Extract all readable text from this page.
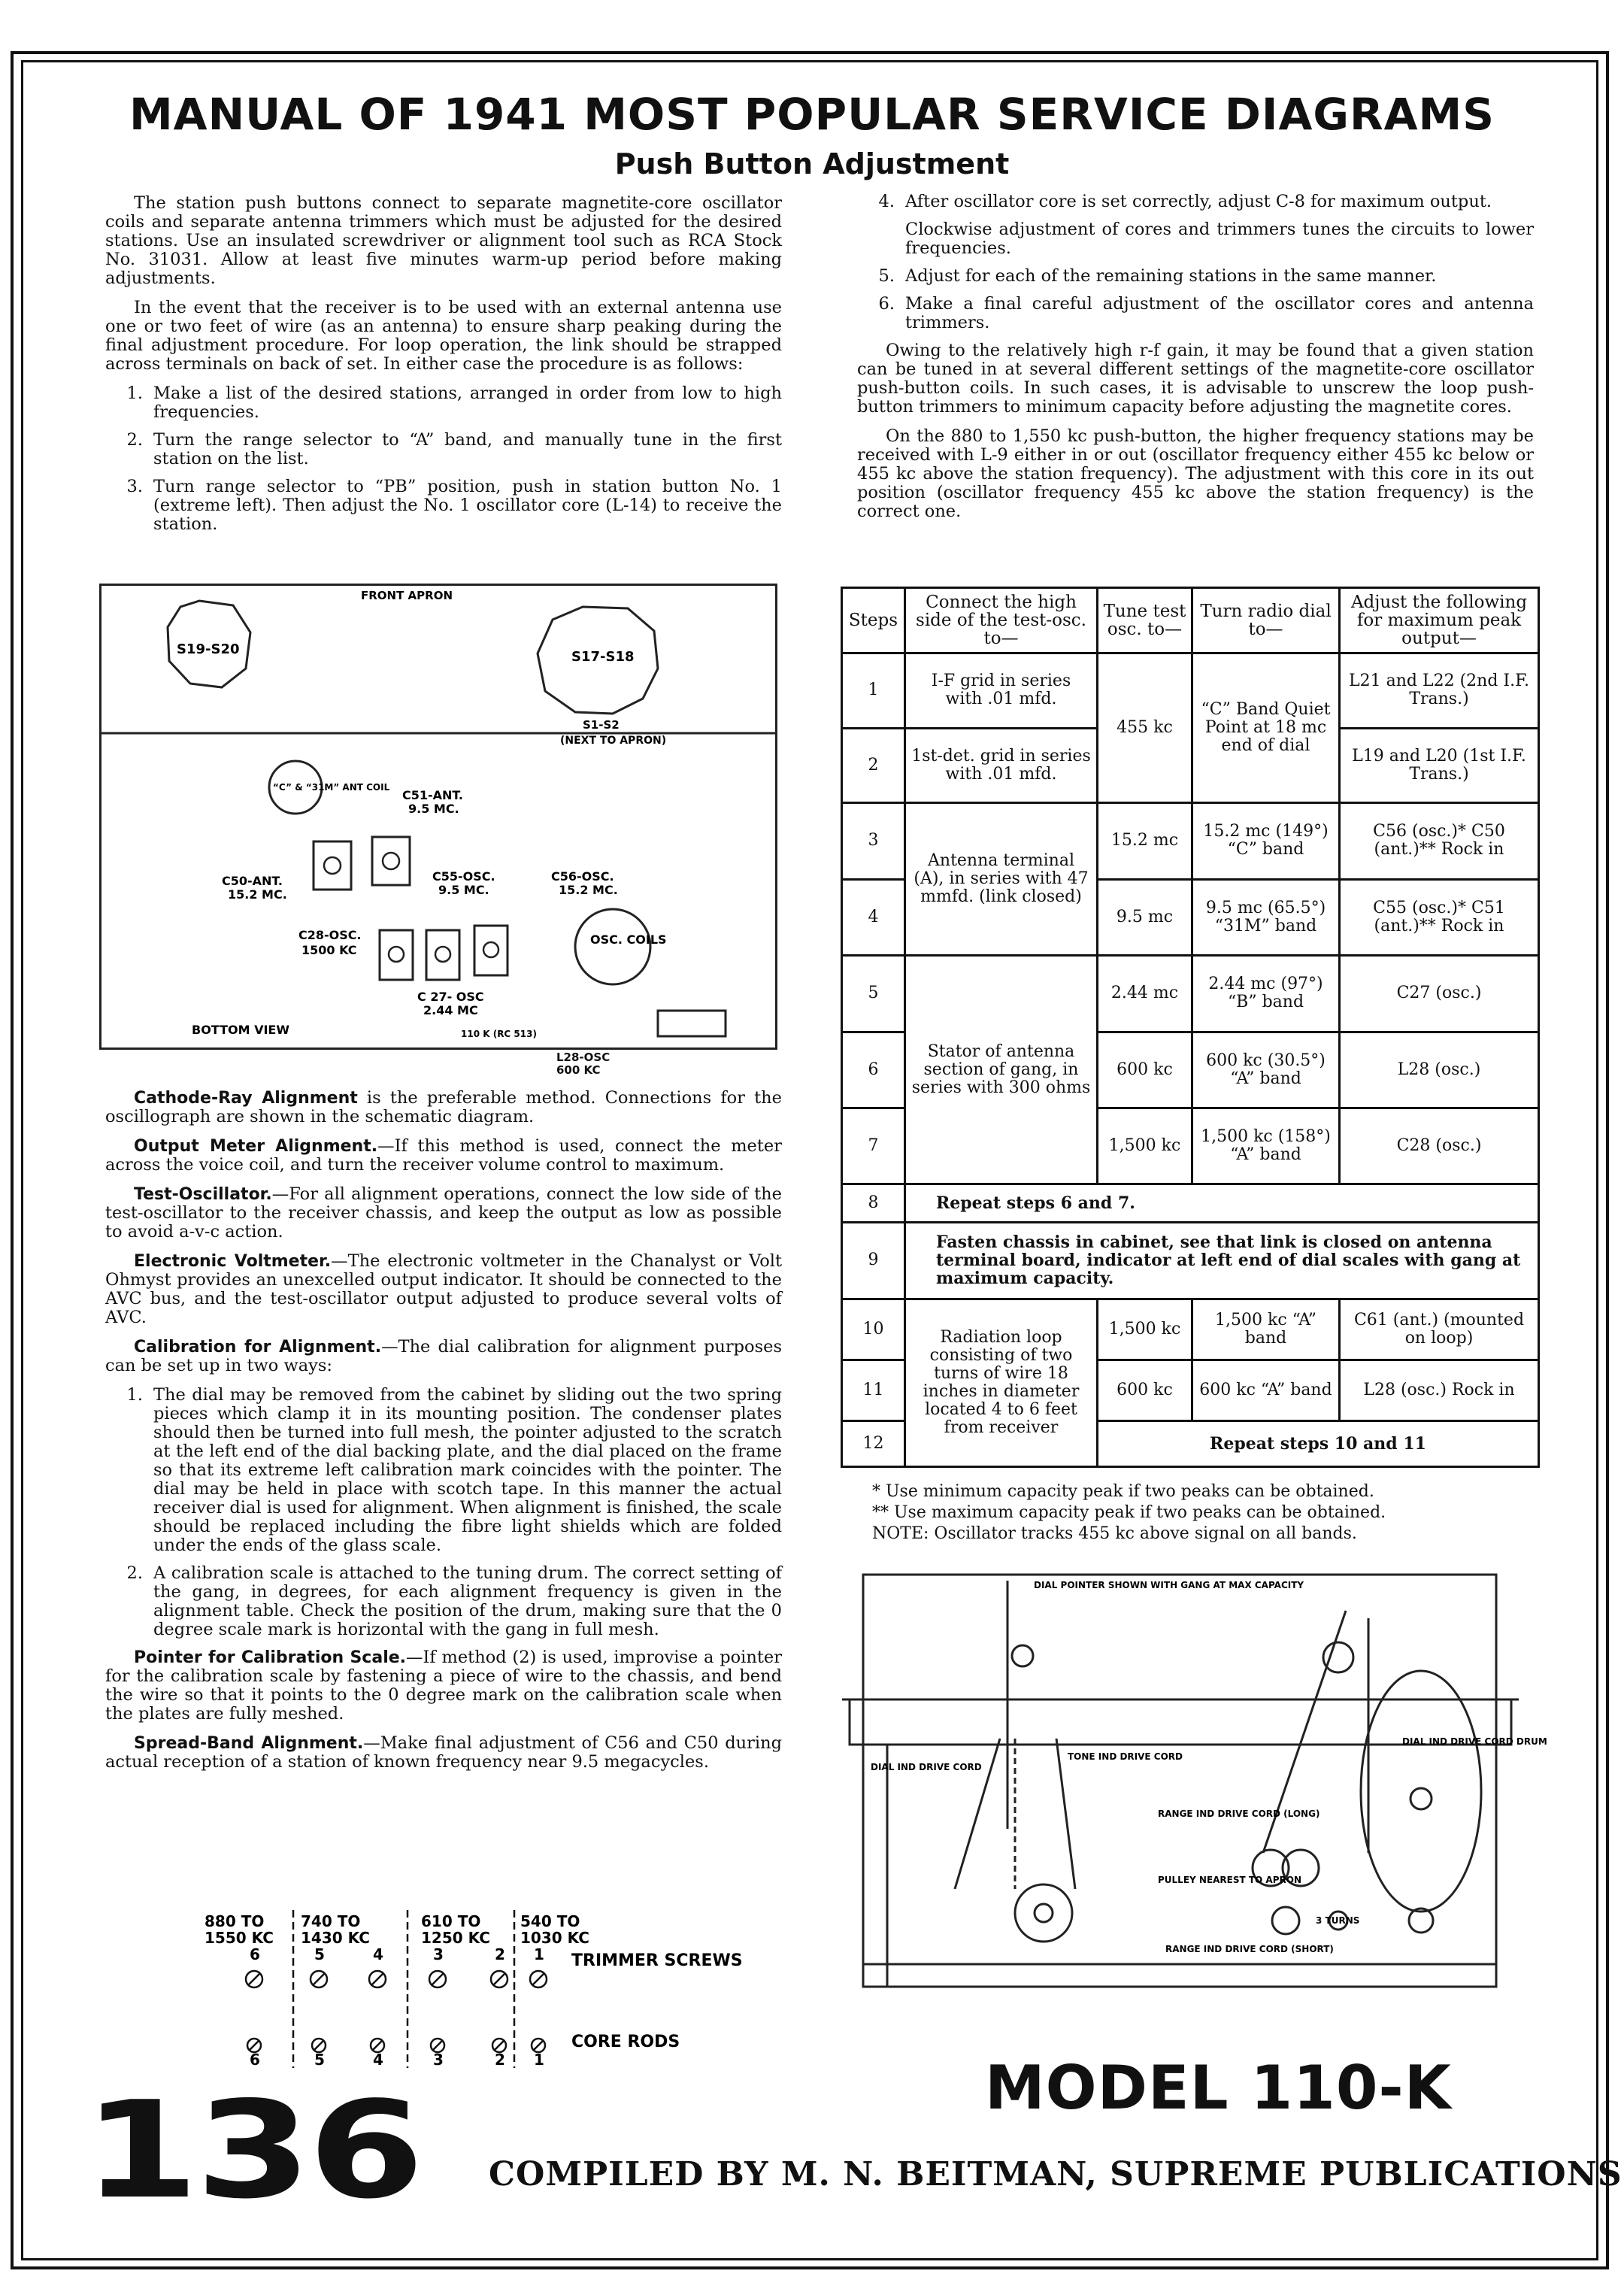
MANUAL OF 1941 MOST POPULAR SERVICE DIAGRAMS
Push Button Adjustment

The station push buttons connect to separate magnetite-core oscillator coils and separate antenna trimmers which must be adjusted for the desired stations. Use an insulated screwdriver or alignment tool such as RCA Stock No. 31031. Allow at least five minutes warm-up period before making adjustments.

In the event that the receiver is to be used with an external antenna use one or two feet of wire (as an antenna) to ensure sharp peaking during the final adjustment procedure. For loop operation, the link should be strapped across terminals on back of set. In either case the procedure is as follows:

1. Make a list of the desired stations, arranged in order from low to high frequencies.
2. Turn the range selector to “A” band, and manually tune in the first station on the list.
3. Turn range selector to “PB” position, push in station button No. 1 (extreme left). Then adjust the No. 1 oscillator core (L-14) to receive the station.
FRONT APRON
S19-S20	S17-S18
S1-S2
(NEXT TO APRON)
“C” & “31M” ANT COIL
C51-ANT.
9.5 MC.
C50-ANT.
15.2 MC.
C55-OSC.
9.5 MC.
C56-OSC.
15.2 MC.
C28-OSC.
1500 KC
C 27- OSC
2.44 MC
OSC. COILS
BOTTOM VIEW	110 K (RC 513)
L28-OSC
600 KC

Cathode-Ray Alignment is the preferable method. Connections for the oscillograph are shown in the schematic diagram.

Output Meter Alignment.—If this method is used, connect the meter across the voice coil, and turn the receiver volume control to maximum.

Test-Oscillator.—For all alignment operations, connect the low side of the test-oscillator to the receiver chassis, and keep the output as low as possible to avoid a-v-c action.

Electronic Voltmeter.—The electronic voltmeter in the Chanalyst or Volt Ohmyst provides an unexcelled output indicator. It should be connected to the AVC bus, and the test-oscillator output adjusted to produce several volts of AVC.

Calibration for Alignment.—The dial calibration for alignment purposes can be set up in two ways:

1. The dial may be removed from the cabinet by sliding out the two spring pieces which clamp it in its mounting position. The condenser plates should then be turned into full mesh, the pointer adjusted to the scratch at the left end of the dial backing plate, and the dial placed on the frame so that its extreme left calibration mark coincides with the pointer. The dial may be held in place with scotch tape. In this manner the actual receiver dial is used for alignment. When alignment is finished, the scale should be replaced including the fibre light shields which are folded under the ends of the glass scale.
2. A calibration scale is attached to the tuning drum. The correct setting of the gang, in degrees, for each alignment frequency is given in the alignment table. Check the position of the drum, making sure that the 0 degree scale mark is horizontal with the gang in full mesh.

Pointer for Calibration Scale.—If method (2) is used, improvise a pointer for the calibration scale by fastening a piece of wire to the chassis, and bend the wire so that it points to the 0 degree mark on the calibration scale when the plates are fully meshed.

Spread-Band Alignment.—Make final adjustment of C56 and C50 during actual reception of a station of known frequency near 9.5 megacycles.

880 TO
1550 KC
740 TO
1430 KC
610 TO
1250 KC
540 TO
1030 KC
6	5	4	3	2 1 TRIMMER SCREWS
CORE RODS
6	5	4	3	2 1
4. After oscillator core is set correctly, adjust C-8 for maximum output.
Clockwise adjustment of cores and trimmers tunes the circuits to lower frequencies.
5. Adjust for each of the remaining stations in the same manner.
6. Make a final careful adjustment of the oscillator cores and antenna trimmers.

Owing to the relatively high r-f gain, it may be found that a given station can be tuned in at several different settings of the magnetite-core oscillator push-button coils. In such cases, it is advisable to unscrew the loop push-button trimmers to minimum capacity before adjusting the magnetite cores.

On the 880 to 1,550 kc push-button, the higher frequency stations may be received with L-9 either in or out (oscillator frequency either 455 kc below or 455 kc above the station frequency). The adjustment with this core in its out position (oscillator frequency 455 kc above the station frequency) is the correct one.

Steps	Connect the high side of the test-osc. to—	Tune test osc. to—	Turn radio dial to—	Adjust the following for maximum peak output—
1	I-F grid in series with .01 mfd.	455 kc	“C” Band Quiet Point at 18 mc end of dial	L21 and L22 (2nd I.F. Trans.)
2	1st-det. grid in series with .01 mfd.			L19 and L20 (1st I.F. Trans.)
3	Antenna terminal (A), in series with 47 mmfd. (link closed)	15.2 mc	15.2 mc (149°) “C” band	C56 (osc.)* C50 (ant.)** Rock in
4		9.5 mc	9.5 mc (65.5°) “31M” band	C55 (osc.)* C51 (ant.)** Rock in
5	Stator of antenna section of gang, in series with 300 ohms	2.44 mc	2.44 mc (97°) “B” band	C27 (osc.)
6		600 kc	600 kc (30.5°) “A” band	L28 (osc.)
7		1,500 kc	1,500 kc (158°) “A” band	C28 (osc.)
8	Repeat steps 6 and 7.			
9	Fasten chassis in cabinet, see that link is closed on antenna terminal board, indicator at left end of dial scales with gang at maximum capacity.			
10	Radiation loop consisting of two turns of wire 18 inches in diameter located 4 to 6 feet from receiver	1,500 kc	1,500 kc “A” band	C61 (ant.) (mounted on loop)
11		600 kc	600 kc “A” band	L28 (osc.) Rock in
12		Repeat steps 10 and 11		
* Use minimum capacity peak if two peaks can be obtained.
** Use maximum capacity peak if two peaks can be obtained.
NOTE: Oscillator tracks 455 kc above signal on all bands.
DIAL POINTER SHOWN WITH GANG AT MAX CAPACITY
DIAL IND DRIVE CORD
TONE IND DRIVE CORD
RANGE IND DRIVE CORD (LONG)
PULLEY NEAREST TO APRON
DIAL IND DRIVE CORD DRUM
3 TURNS
RANGE IND DRIVE CORD (SHORT)
MODEL 110-K
136 COMPILED BY M. N. BEITMAN, SUPREME PUBLICATIONS
